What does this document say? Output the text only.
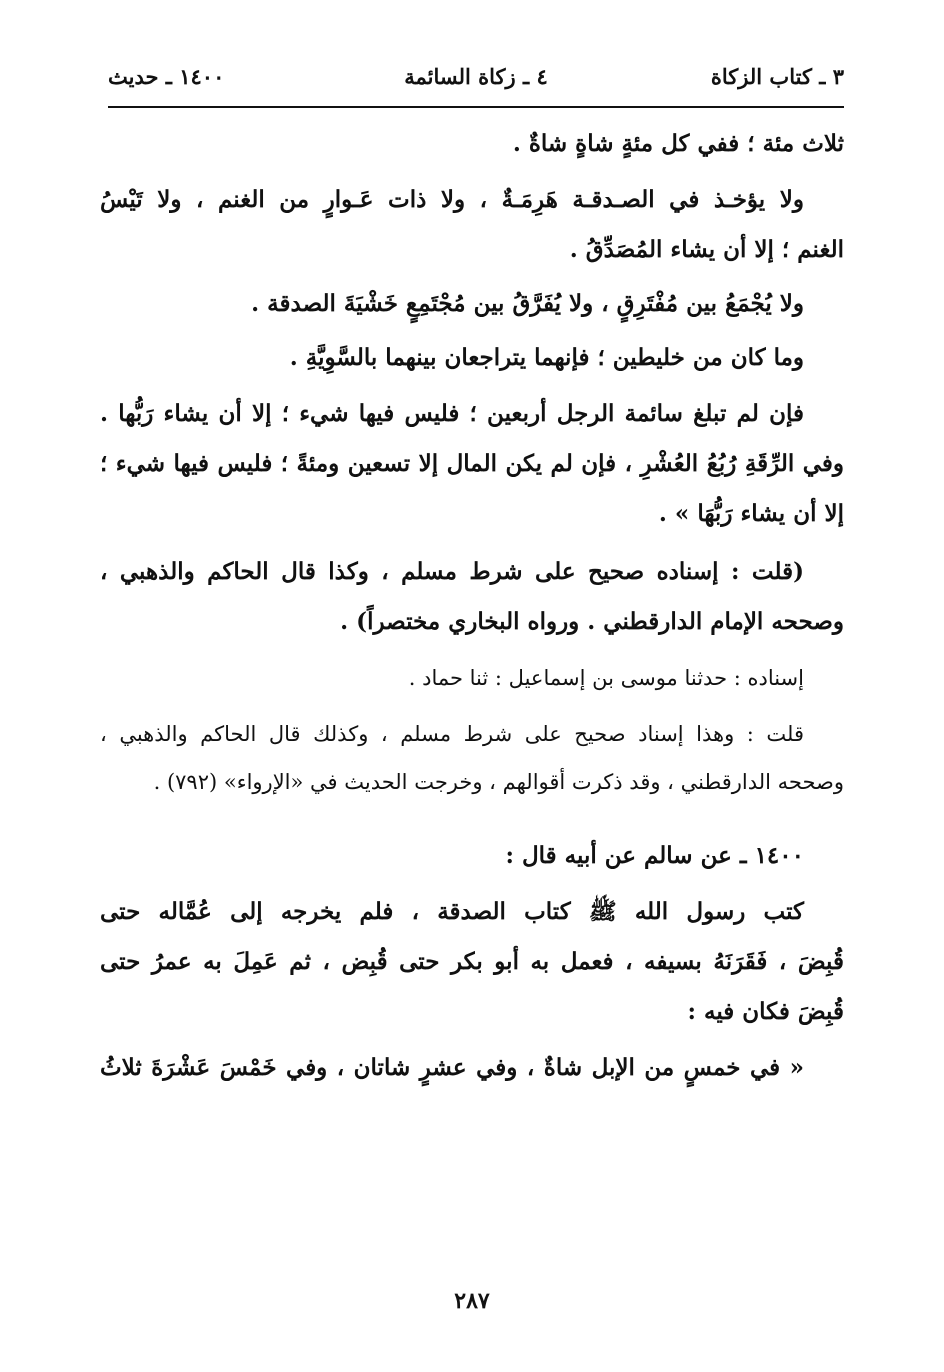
٣ ـ كتاب الزكاة
٤ ـ زكاة السائمة
١٤٠٠ ـ حديث
ثلاث مئة ؛ ففي كل مئةٍ شاةٍ شاةٌ .
ولا يؤخـذ في الصـدقـة هَرِمَـةٌ ، ولا ذات عَـوارٍ من الغنم ، ولا تَيْسُ
الغنم ؛ إلا أن يشاء المُصَدِّقُ .
ولا يُجْمَعُ بين مُفْتَرِقٍ ، ولا يُفَرَّقُ بين مُجْتَمِعٍ خَشْيَةَ الصدقة .
وما كان من خليطين ؛ فإنهما يتراجعان بينهما بالسَّوِيَّةِ .
فإن لم تبلغ سائمة الرجل أربعين ؛ فليس فيها شيء ؛ إلا أن يشاء رَبُّها .
وفي الرِّقَةِ رُبُعُ العُشْرِ ، فإن لم يكن المال إلا تسعين ومئةً ؛ فليس فيها شيء ؛
إلا أن يشاء رَبُّهَا » .
(قلت : إسناده صحيح على شرط مسلم ، وكذا قال الحاكم والذهبي ،
وصححه الإمام الدارقطني . ورواه البخاري مختصراً) .
إسناده : حدثنا موسى بن إسماعيل : ثنا حماد .
قلت : وهذا إسناد صحيح على شرط مسلم ، وكذلك قال الحاكم والذهبي ،
وصححه الدارقطني ، وقد ذكرت أقوالهم ، وخرجت الحديث في «الإرواء» (٧٩٢) .
١٤٠٠ ـ عن سالم عن أبيه قال :
كتب رسول الله ﷺ كتاب الصدقة ، فلم يخرجه إلى عُمَّاله حتى
قُبِضَ ، فَقَرَنَهُ بسيفه ، فعمل به أبو بكر حتى قُبِض ، ثم عَمِلَ به عمرُ حتى
قُبِضَ فكان فيه :
« في خمسٍ من الإبل شاةٌ ، وفي عشرٍ شاتان ، وفي خَمْسَ عَشْرَةَ ثلاثُ
٢٨٧
